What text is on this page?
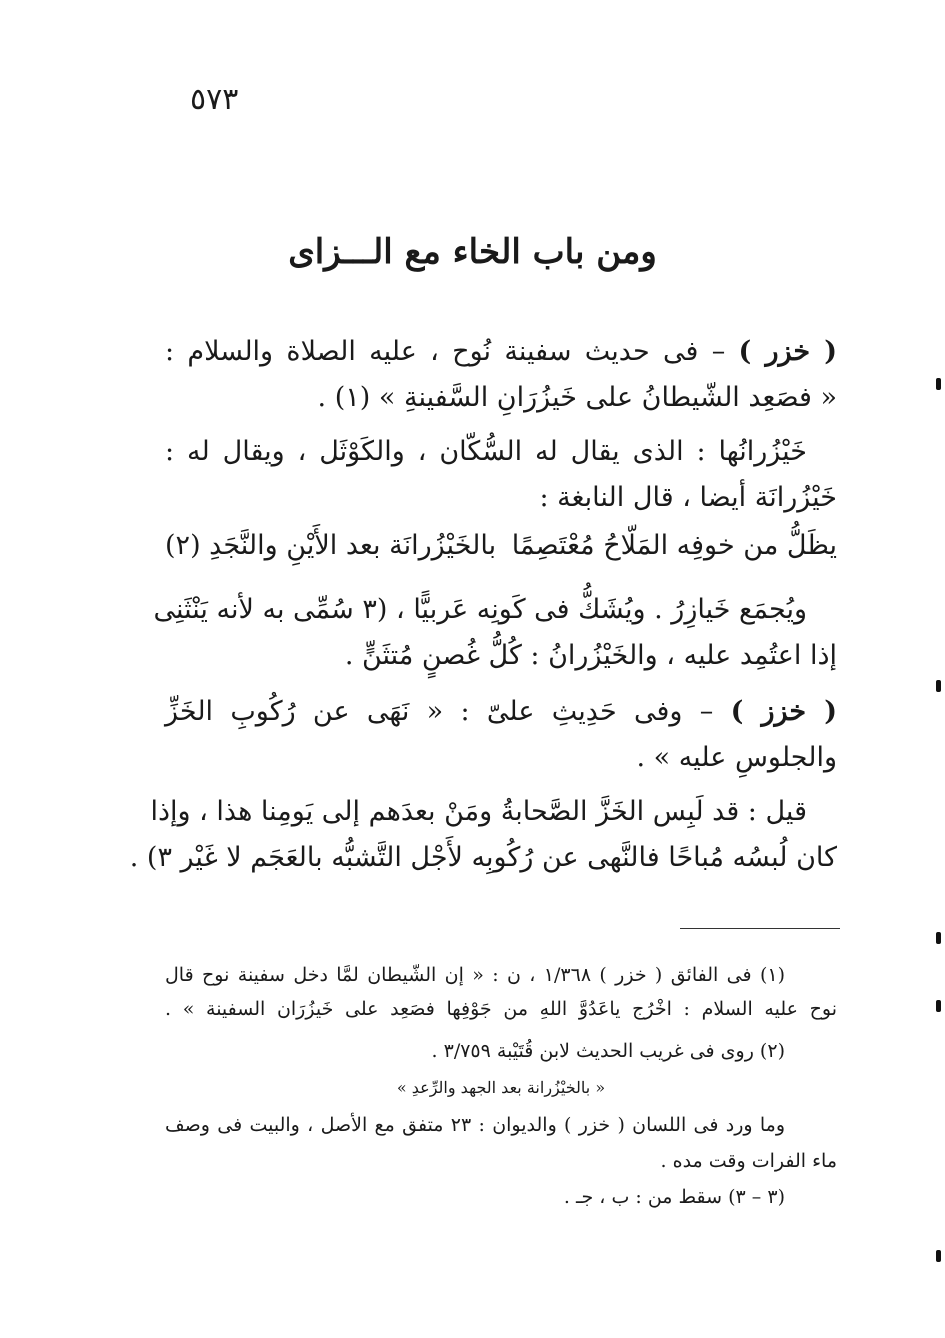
٥٧٣
ومن باب الخاء مع الـــزاى
( خزر ) – فى حديث سفينة نُوح ، عليه الصلاة والسلام :
« فصَعِد الشّيطانُ على خَيزُرَانِ السَّفينةِ » (١) .
خَيْزُرانُها : الذى يقال له السُّكّان ، والكَوْثَل ، ويقال له :
خَيْزُرانَة أيضا ، قال النابغة :
يظَلُّ من خوفِه المَلّاحُ مُعْتَصِمًا
بالخَيْزُرانَة بعد الأَيْنِ والنَّجَدِ (٢)
ويُجمَع خَيازِرُ . ويُشَكُّ فى كَونِه عَربيًّا ، (٣ سُمِّى به لأنه يَنْثَنِى
إذا اعتُمِد عليه ، والخَيْزُرانُ : كُلُّ غُصنٍ مُتثَنٍّ .
( خزز ) – وفى حَدِيثِ علىّ : « نَهَى عن رُكُوبِ الخَزِّ
والجلوسِ عليه » .
قيل : قد لَبِس الخَزَّ الصَّحابةُ ومَنْ بعدَهم إلى يَومِنا هذا ، وإذا
كان لُبسُه مُباحًا فالنَّهى عن رُكُوبِه لأَجْل التَّشبُّه بالعَجَم لا غَيْر ٣) .
(١) فى الفائق ( خزر ) ١/٣٦٨ ، ن : « إن الشّيطان لمَّا دخل سفينة نوح قال
نوح عليه السلام : اخْرُج ياعَدُوَّ اللهِ من جَوْفِها فصَعِد على خَيزُرَان السفينة » .
(٢) روى فى غريب الحديث لابن قُتَيْبة ٣/٧٥٩ .
« بالخيْزُرانة بعد الجهد والرِّعدِ »
وما ورد فى اللسان ( خزر ) والديوان : ٢٣ متفق مع الأصل ، والبيت فى وصف
ماء الفرات وقت مده .
(٣ – ٣) سقط من : ب ، جـ .
